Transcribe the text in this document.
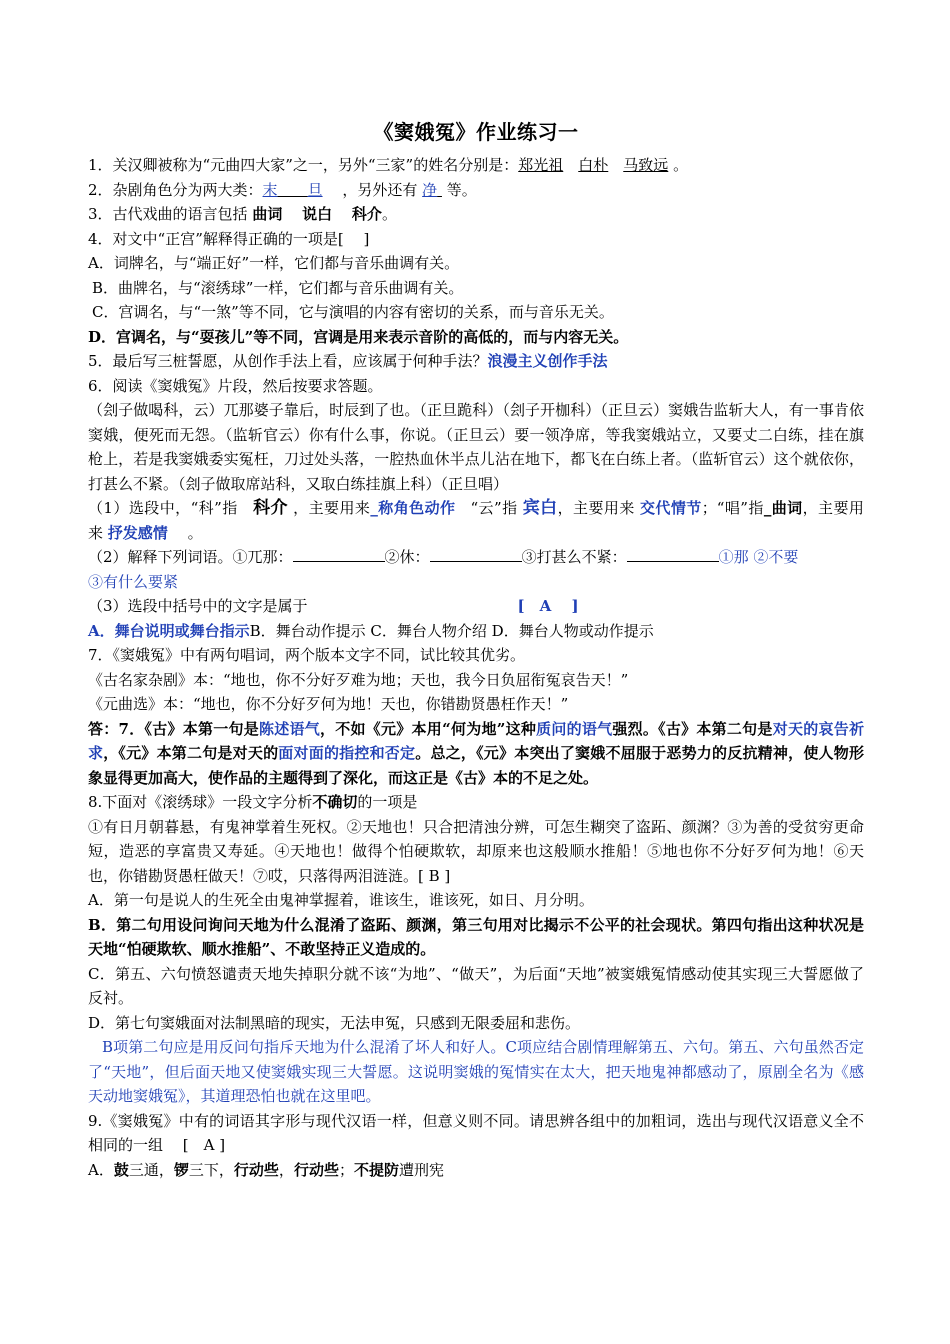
《窦娥冤》作业练习一

1．关汉卿被称为“元曲四大家”之一，另外“三家”的姓名分别是：郑光祖  白朴  马致远 。

2．杂剧角色分为两大类：末   旦  ，另外还有 净 等。

3．古代戏曲的语言包括 曲词  说白  科介。

4．对文中“正宫”解释得正确的一项是[　 ]

A．词牌名，与“端正好”一样，它们都与音乐曲调有关。

B．曲牌名，与“滚绣球”一样，它们都与音乐曲调有关。

C．宫调名，与“一煞”等不同，它与演唱的内容有密切的关系，而与音乐无关。

D．宫调名，与“耍孩儿”等不同，宫调是用来表示音阶的高低的，而与内容无关。

5．最后写三桩誓愿，从创作手法上看，应该属于何种手法？浪漫主义创作手法

6．阅读《窦娥冤》片段，然后按要求答题。

（刽子做喝科，云）兀那婆子靠后，时辰到了也。（正旦跪科）（刽子开枷科）（正旦云）窦娥告监斩大人，有一事肯依窦娥，便死而无怨。（监斩官云）你有什么事，你说。（正旦云）要一领净席，等我窦娥站立，又要丈二白练，挂在旗枪上，若是我窦娥委实冤枉，刀过处头落，一腔热血休半点儿沾在地下，都飞在白练上者。（监斩官云）这个就依你，打甚么不紧。（刽子做取席站科，又取白练挂旗上科）（正旦唱）

（1）选段中，“科”指  科介 ，主要用来_称角色动作  “云”指 宾白，主要用来 交代情节；“唱”指_曲词，主要用来 抒发感情  。

（2）解释下列词语。①兀那：	②休：	③打甚么不紧：	①那 ②不要
③有什么要紧

（3）选段中括号中的文字是属于	[　A　 ]

A．舞台说明或舞台指示B．舞台动作提示 C．舞台人物介绍 D．舞台人物或动作提示

7．《窦娥冤》中有两句唱词，两个版本文字不同，试比较其优劣。

《古名家杂剧》本：“地也，你不分好歹难为地；天也，我今日负屈衔冤哀告天！”

《元曲选》本：“地也，你不分好歹何为地！天也，你错勘贤愚枉作天！”

答：7．《古》本第一句是陈述语气，不如《元》本用“何为地”这种质问的语气强烈。《古》本第二句是对天的哀告祈求，《元》本第二句是对天的面对面的指控和否定。总之，《元》本突出了窦娥不屈服于恶势力的反抗精神，使人物形象显得更加高大，使作品的主题得到了深化，而这正是《古》本的不足之处。

8.下面对《滚绣球》一段文字分析不确切的一项是

①有日月朝暮悬，有鬼神掌着生死权。②天地也！只合把清浊分辨，可怎生糊突了盗跖、颜渊？③为善的受贫穷更命短，造恶的享富贵又寿延。④天地也！做得个怕硬欺软，却原来也这般顺水推船！⑤地也你不分好歹何为地！⑥天也，你错勘贤愚枉做天！⑦哎，只落得两泪涟涟。[ B ]

A．第一句是说人的生死全由鬼神掌握着，谁该生，谁该死，如日、月分明。

B．第二句用设问询问天地为什么混淆了盗跖、颜渊，第三句用对比揭示不公平的社会现状。第四句指出这种状况是天地“怕硬欺软、顺水推船”、不敢坚持正义造成的。

C．第五、六句愤怒谴责天地失掉职分就不该“为地”、“做天”，为后面“天地”被窦娥冤情感动使其实现三大誓愿做了反衬。

D．第七句窦娥面对法制黑暗的现实，无法申冤，只感到无限委屈和悲伤。

B项第二句应是用反问句指斥天地为什么混淆了坏人和好人。C项应结合剧情理解第五、六句。第五、六句虽然否定了“天地”，但后面天地又使窦娥实现三大誓愿。这说明窦娥的冤情实在太大，把天地鬼神都感动了，原剧全名为《感天动地窦娥冤》，其道理恐怕也就在这里吧。

9.《窦娥冤》中有的词语其字形与现代汉语一样，但意义则不同。请思辨各组中的加粗词，选出与现代汉语意义全不相同的一组  [　A ]

A．鼓三通，锣三下，行动些，行动些；不提防遭刑宪
